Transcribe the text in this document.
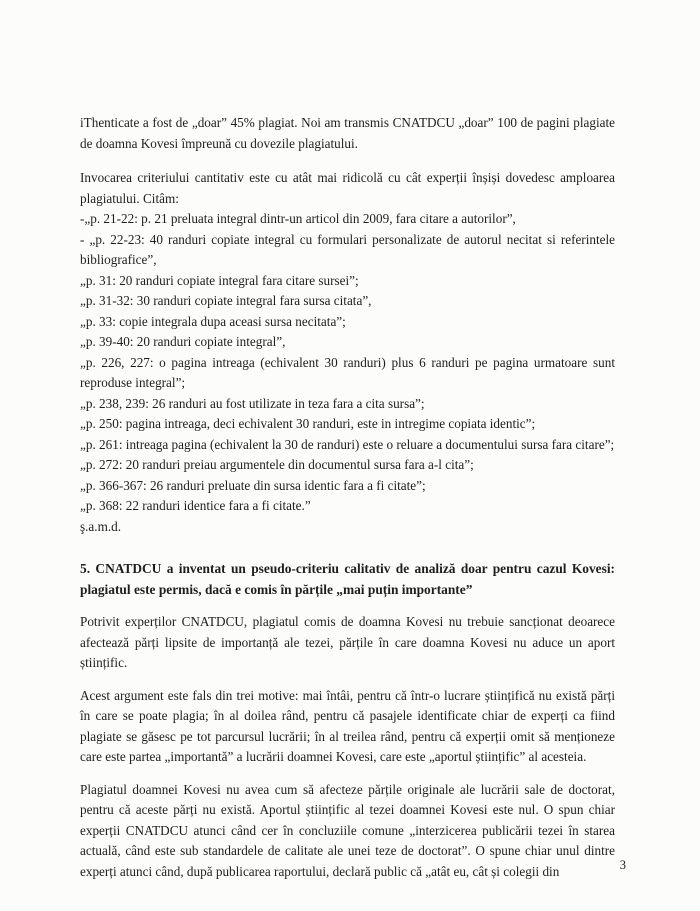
iThenticate a fost de „doar” 45% plagiat. Noi am transmis CNATDCU „doar” 100 de pagini plagiate de doamna Kovesi împreună cu dovezile plagiatului.

Invocarea criteriului cantitativ este cu atât mai ridicolă cu cât experții înșiși dovedesc amploarea plagiatului. Citâm:

-„p. 21-22: p. 21 preluata integral dintr-un articol din 2009, fara citare a autorilor”,
- „p. 22-23: 40 randuri copiate integral cu formulari personalizate de autorul necitat si referintele bibliografice”,
„p. 31: 20 randuri copiate integral fara citare sursei”;
„p. 31-32: 30 randuri copiate integral fara sursa citata”,
„p. 33: copie integrala dupa aceasi sursa necitata”;
„p. 39-40: 20 randuri copiate integral”,
„p. 226, 227: o pagina intreaga (echivalent 30 randuri) plus 6 randuri pe pagina urmatoare sunt reproduse integral”;
„p. 238, 239: 26 randuri au fost utilizate in teza fara a cita sursa”;
„p. 250: pagina intreaga, deci echivalent 30 randuri, este in intregime copiata identic”;
„p. 261: intreaga pagina (echivalent la 30 de randuri) este o reluare a documentului sursa fara citare”;
„p. 272: 20 randuri preiau argumentele din documentul sursa fara a-l cita”;
„p. 366-367: 26 randuri preluate din sursa identic fara a fi citate”;
„p. 368: 22 randuri identice fara a fi citate.”
ş.a.m.d.

5. CNATDCU a inventat un pseudo-criteriu calitativ de analiză doar pentru cazul Kovesi: plagiatul este permis, dacă e comis în părțile „mai puțin importante”

Potrivit experților CNATDCU, plagiatul comis de doamna Kovesi nu trebuie sancționat deoarece afectează părți lipsite de importanță ale tezei, părțile în care doamna Kovesi nu aduce un aport științific.

Acest argument este fals din trei motive: mai întâi, pentru că într-o lucrare științifică nu există părți în care se poate plagia; în al doilea rând, pentru că pasajele identificate chiar de experți ca fiind plagiate se găsesc pe tot parcursul lucrării; în al treilea rând, pentru că experții omit să menționeze care este partea „importantă” a lucrării doamnei Kovesi, care este „aportul științific” al acesteia.

Plagiatul doamnei Kovesi nu avea cum să afecteze părțile originale ale lucrării sale de doctorat, pentru că aceste părți nu există. Aportul științific al tezei doamnei Kovesi este nul. O spun chiar experții CNATDCU atunci când cer în concluziile comune „interzicerea publicării tezei în starea actuală, când este sub standardele de calitate ale unei teze de doctorat”. O spune chiar unul dintre experți atunci când, după publicarea raportului, declară public că „atât eu, cât și colegii din	3
